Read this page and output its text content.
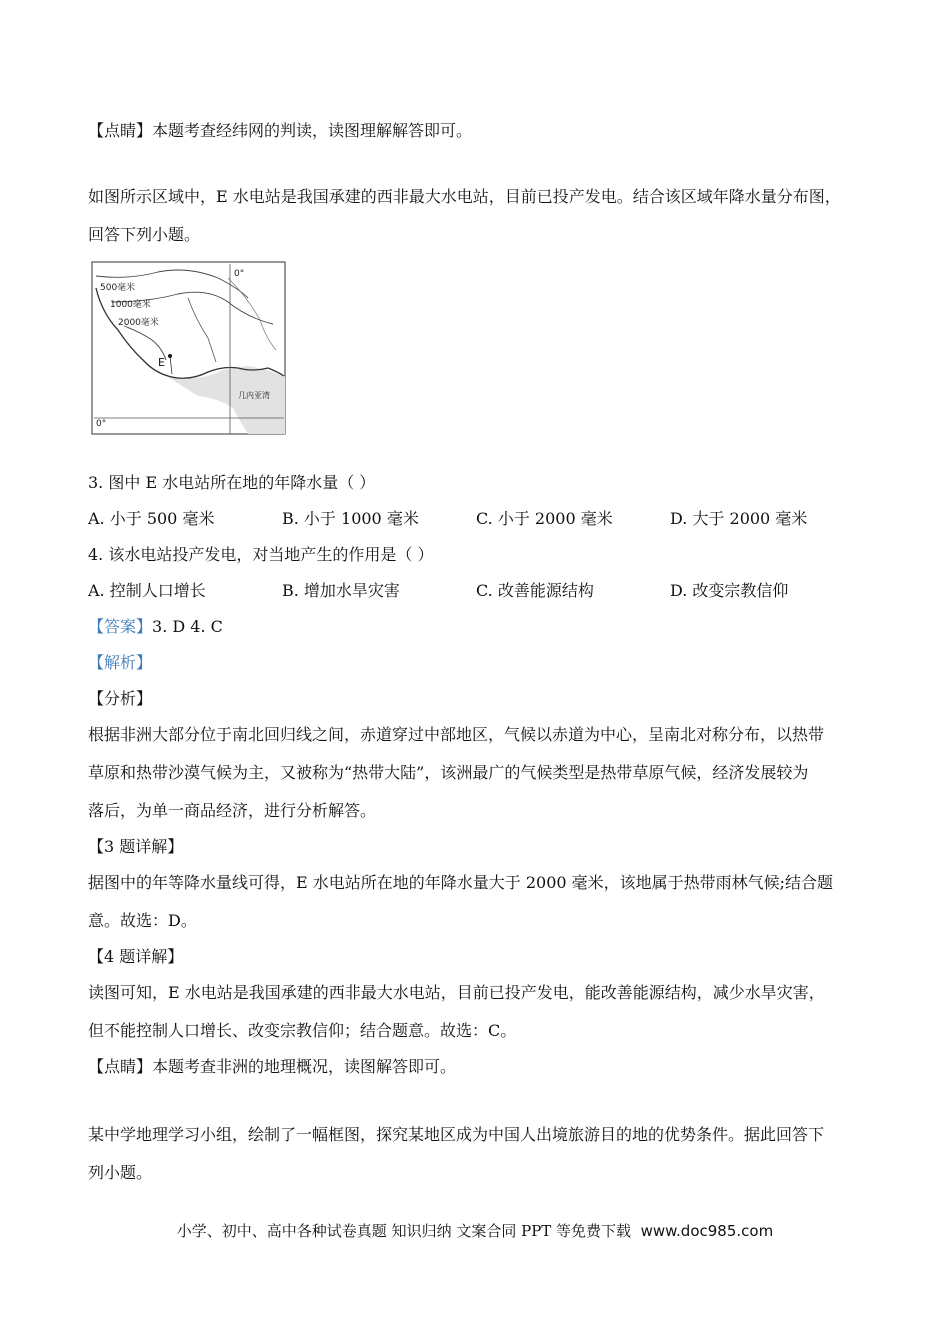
【点睛】本题考查经纬网的判读，读图理解解答即可。
如图所示区域中，E 水电站是我国承建的西非最大水电站，目前已投产发电。结合该区域年降水量分布图，
回答下列小题。
500毫米
1000毫米
2000毫米
E
0°
0°
几内亚湾
3. 图中 E 水电站所在地的年降水量（ ）
A. 小于 500 毫米	B. 小于 1000 毫米	C. 小于 2000 毫米	D. 大于 2000 毫米
4. 该水电站投产发电，对当地产生的作用是（ ）
A. 控制人口增长	B. 增加水旱灾害	C. 改善能源结构	D. 改变宗教信仰
【答案】3. D 4. C
【解析】
【分析】
根据非洲大部分位于南北回归线之间，赤道穿过中部地区，气候以赤道为中心，呈南北对称分布，以热带
草原和热带沙漠气候为主，又被称为“热带大陆”，该洲最广的气候类型是热带草原气候，经济发展较为
落后，为单一商品经济，进行分析解答。
【3 题详解】
据图中的年等降水量线可得，E 水电站所在地的年降水量大于 2000 毫米，该地属于热带雨林气候;结合题
意。故选：D。
【4 题详解】
读图可知，E 水电站是我国承建的西非最大水电站，目前已投产发电，能改善能源结构，减少水旱灾害，
但不能控制人口增长、改变宗教信仰；结合题意。故选：C。
【点睛】本题考查非洲的地理概况，读图解答即可。
某中学地理学习小组，绘制了一幅框图，探究某地区成为中国人出境旅游目的地的优势条件。据此回答下
列小题。
小学、初中、高中各种试卷真题 知识归纳 文案合同 PPT 等免费下载 www.doc985.com
